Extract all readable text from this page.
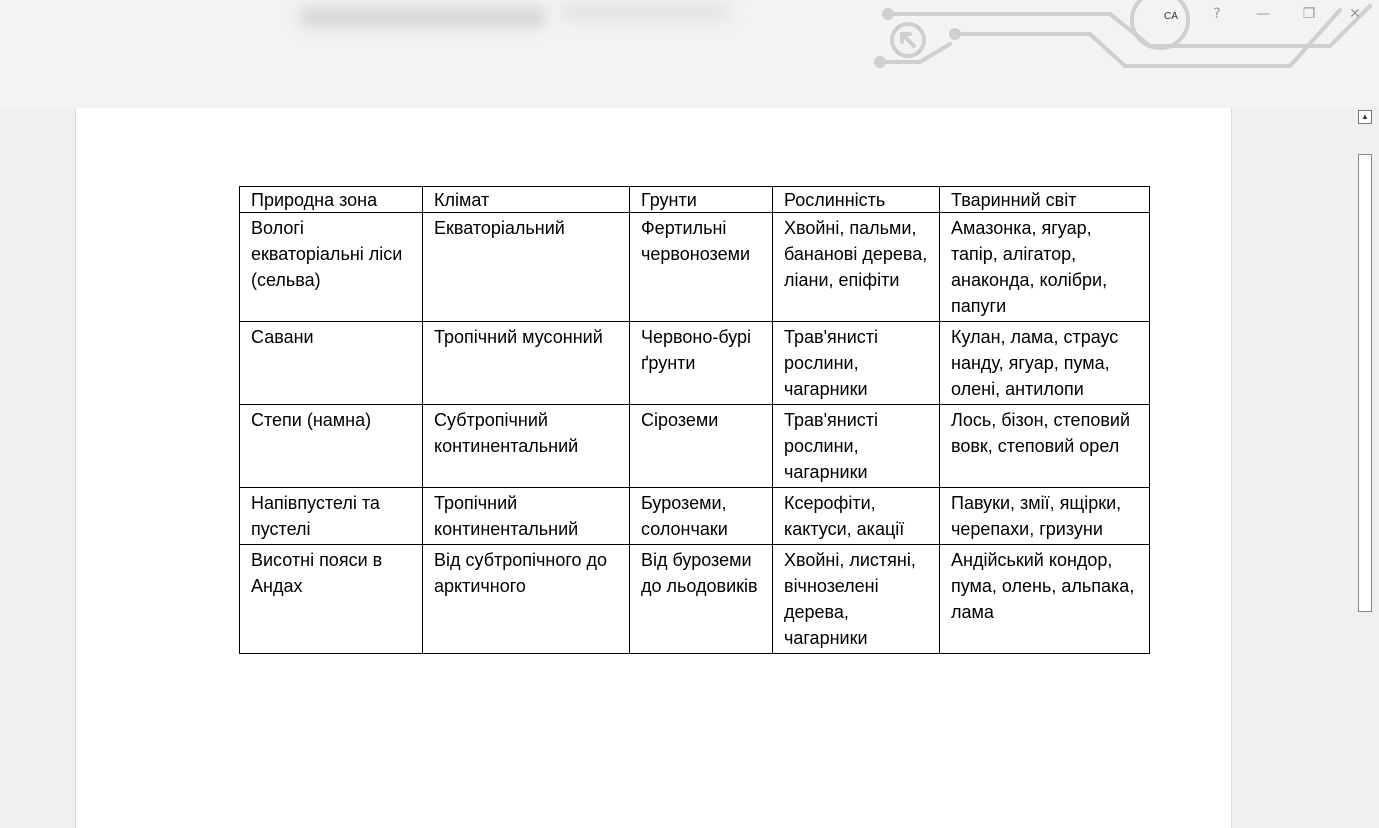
CA	?	—	❐	✕
Природна зона	Клімат	Грунти	Рослинність	Тваринний світ
Вологі екваторіальні ліси (сельва)	Екваторіальний	Фертильні червоноземи	Хвойні, пальми, бананові дерева, ліани, епіфіти	Амазонка, ягуар, тапір, алігатор, анаконда, колібри, папуги
Савани	Тропічний мусонний	Червоно-бурі ґрунти	Трав'янисті рослини, чагарники	Кулан, лама, страус нанду, ягуар, пума, олені, антилопи
Степи (намна)	Субтропічний континентальний	Сіроземи	Трав'янисті рослини, чагарники	Лось, бізон, степовий вовк, степовий орел
Напівпустелі та пустелі	Тропічний континентальний	Буроземи, солончаки	Ксерофіти, кактуси, акації	Павуки, змії, ящірки, черепахи, гризуни
Висотні пояси в Андах	Від субтропічного до арктичного	Від буроземи до льодовиків	Хвойні, листяні, вічнозелені дерева, чагарники	Андійський кондор, пума, олень, альпака, лама
▲
